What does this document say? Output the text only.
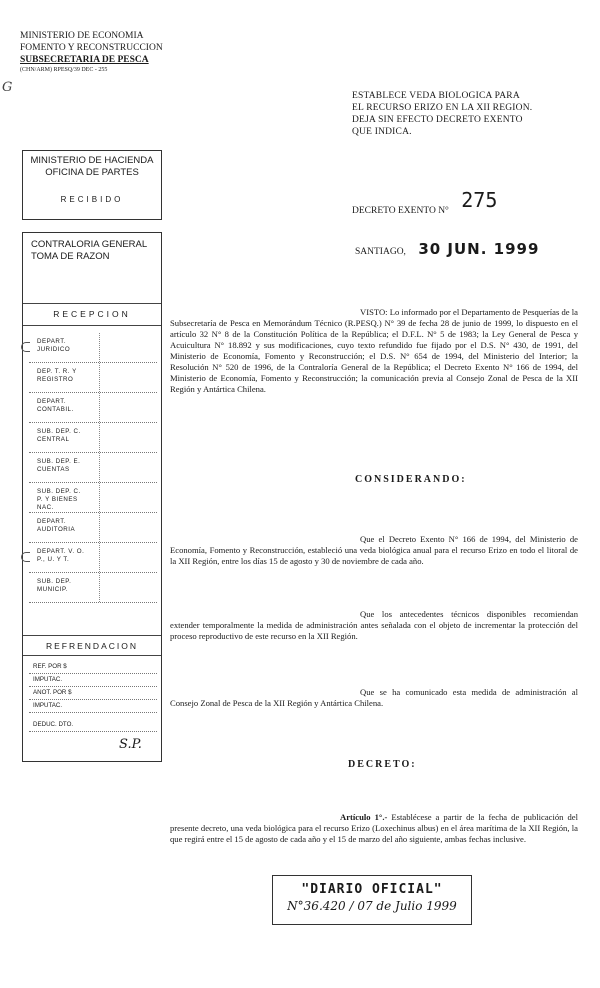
G
MINISTERIO DE ECONOMIA
FOMENTO Y RECONSTRUCCION
SUBSECRETARIA DE PESCA
(CHN/ARM) RPESQ/39 DEC - 255
ESTABLECE VEDA BIOLOGICA PARA
EL RECURSO ERIZO EN LA XII REGION.
DEJA SIN EFECTO DECRETO EXENTO
QUE INDICA.
MINISTERIO DE HACIENDA
OFICINA DE PARTES
RECIBIDO
CONTRALORIA GENERAL
TOMA DE RAZON
RECEPCION
DEPART. JURIDICO
DEP. T. R. Y REGISTRO
DEPART. CONTABIL.
SUB. DEP. C. CENTRAL
SUB. DEP. E. CUENTAS
SUB. DEP. C. P. Y BIENES NAC.
DEPART. AUDITORIA
DEPART. V. O. P., U. Y T.
SUB. DEP. MUNICIP.
REFRENDACION
REF. POR $
IMPUTAC.
ANOT. POR $
IMPUTAC.
DEDUC. DTO.
S.P.
DECRETO EXENTO N° 275
SANTIAGO, 30 JUN. 1999
VISTO: Lo informado por el Departamento de Pesquerías de la Subsecretaría de Pesca en Memorándum Técnico (R.PESQ.) N° 39 de fecha 28 de junio de 1999, lo dispuesto en el artículo 32 N° 8 de la Constitución Política de la República; el D.F.L. N° 5 de 1983; la Ley General de Pesca y Acuicultura N° 18.892 y sus modificaciones, cuyo texto refundido fue fijado por el D.S. N° 430, de 1991, del Ministerio de Economía, Fomento y Reconstrucción; el D.S. N° 654 de 1994, del Ministerio del Interior; la Resolución N° 520 de 1996, de la Contraloría General de la República; el Decreto Exento N° 166 de 1994, del Ministerio de Economía, Fomento y Reconstrucción; la comunicación previa al Consejo Zonal de Pesca de la XII Región y Antártica Chilena.
CONSIDERANDO:
Que el Decreto Exento N° 166 de 1994, del Ministerio de Economía, Fomento y Reconstrucción, estableció una veda biológica anual para el recurso Erizo en todo el litoral de la XII Región, entre los días 15 de agosto y 30 de noviembre de cada año.
Que los antecedentes técnicos disponibles recomiendan extender temporalmente la medida de administración antes señalada con el objeto de incrementar la protección del proceso reproductivo de este recurso en la XII Región.
Que se ha comunicado esta medida de administración al Consejo Zonal de Pesca de la XII Región y Antártica Chilena.
DECRETO:
Artículo 1°.- Establécese a partir de la fecha de publicación del presente decreto, una veda biológica para el recurso Erizo (Loxechinus albus) en el área marítima de la XII Región, la que regirá entre el 15 de agosto de cada año y el 15 de marzo del año siguiente, ambas fechas inclusive.
"DIARIO OFICIAL"
N°36.420 / 07 de Julio 1999
